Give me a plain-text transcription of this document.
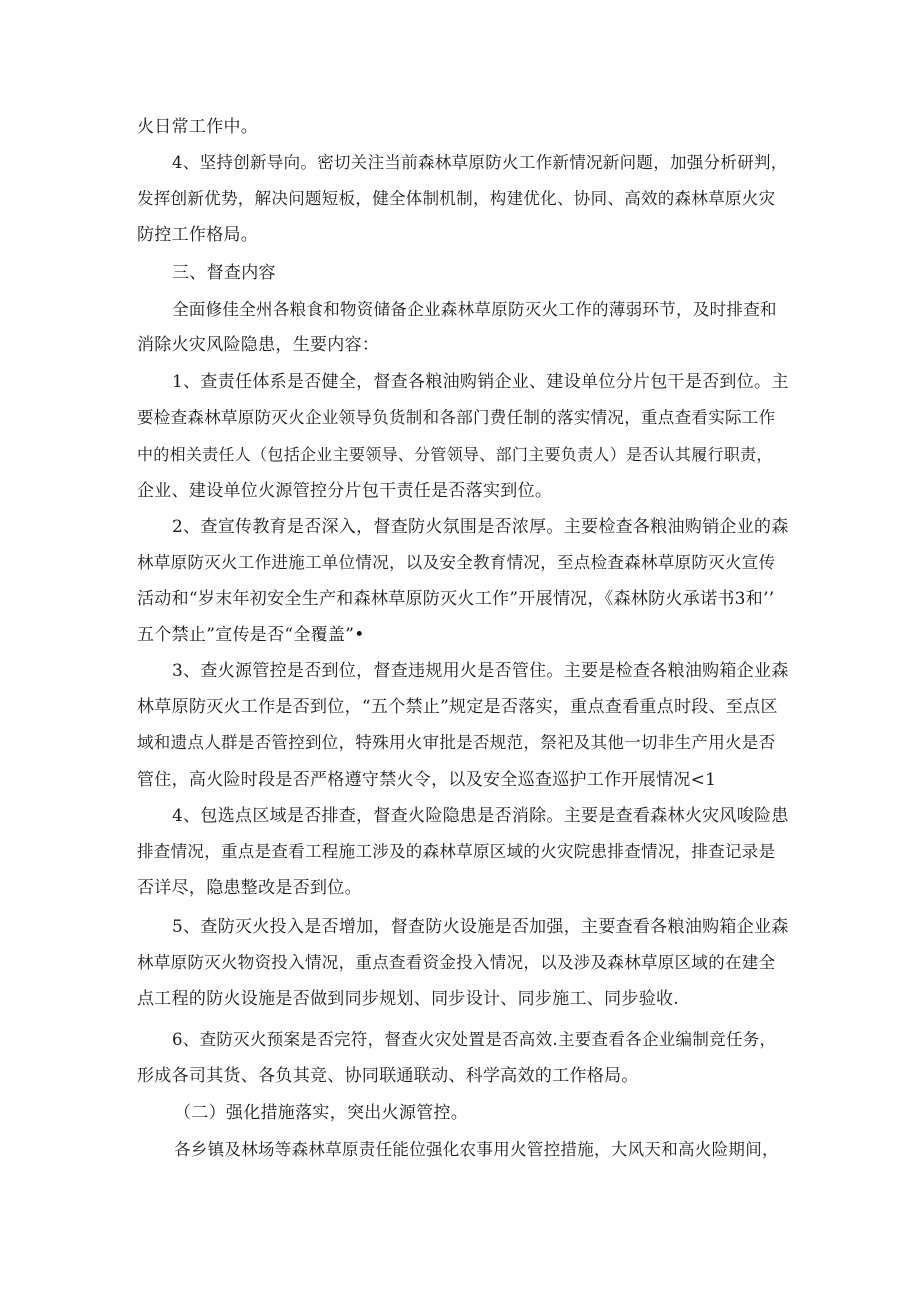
火日常工作中。
4、坚持创新导向。密切关注当前森林草原防火工作新情况新问题，加强分析研判，
发挥创新优势，解决问题短板，健全体制机制，构建优化、协同、高效的森林草原火灾
防控工作格局。
三、督查内容
全面修佳全州各粮食和物资储备企业森林草原防灭火工作的薄弱环节，及时排查和
消除火灾风险隐患，生要内容：
1、查责任体系是否健全，督查各粮油购销企业、建设单位分片包干是否到位。主
要检查森林草原防灭火企业领导负货制和各部门费任制的落实情况，重点查看实际工作
中的相关责任人（包括企业主要领导、分管领导、部门主要负责人）是否认其履行职责，
企业、建设单位火源管控分片包干责任是否落实到位。
2、查宣传教育是否深入，督查防火氛围是否浓厚。主要检查各粮油购销企业的森
林草原防灭火工作进施工单位情况，以及安全教育情况，至点检査森林草原防灭火宣传
活动和“岁末年初安全生产和森林草原防灭火工作”开展情况，《森林防火承诺书3和’’
五个禁止”宣传是否“全覆盖”•
3、查火源管控是否到位，督查违规用火是否管住。主要是检查各粮油购箱企业森
林草原防灭火工作是否到位，“五个禁止”规定是否落实，重点查看重点时段、至点区
域和遗点人群是否管控到位，特殊用火审批是否规范，祭祀及其他一切非生产用火是否
管住，高火险时段是否严格遵守禁火令，以及安全巡查巡护工作开展情况<1
4、包选点区域是否排查，督查火险隐患是否消除。主要是查看森林火灾风唆险患
排查情况，重点是查看工程施工涉及的森林草原区域的火灾院患排查情况，排查记录是
否详尽，隐患整改是否到位。
5、查防灭火投入是否增加，督查防火设施是否加强，主要查看各粮油购箱企业森
林草原防灭火物资投入情况，重点查看资金投入情况，以及涉及森林草原区域的在建全
点工程的防火设施是否做到同步规划、同步设计、同步施工、同步验收.
6、查防灭火预案是否完符，督查火灾处置是否高效.主要查看各企业编制竞任务，
形成各司其货、各负其竞、协同联通联动、科学高效的工作格局。
（二）强化措施落实，突出火源管控。
各乡镇及林场等森林草原责任能位强化农事用火管控措施，大风天和高火险期间，
